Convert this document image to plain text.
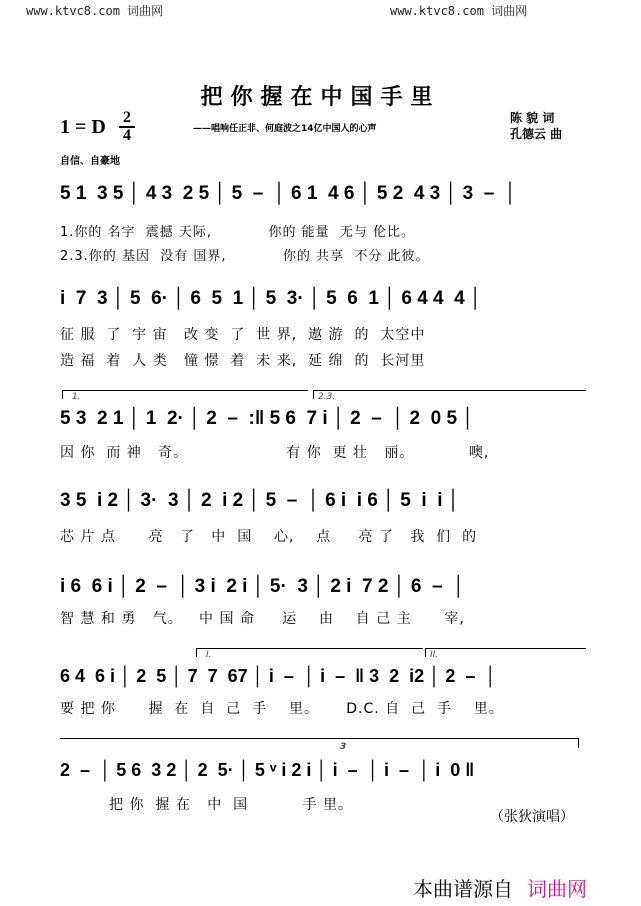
www.ktvc8.com 词曲网	www.ktvc8.com 词曲网
把你握在中国手里
1 = D	2
4	——唱响任正非、何庭波之14亿中国人的心声
陈 貌 词
孔德云 曲
自信、自豪地
5 1  3 5 │ 4 3  2 5 │ 5  –  │ 6 1  4 6 │ 5 2  4 3 │ 3  –  │
1.你的 名字  震撼 天际,           你的 能量  无与 伦比。
2.3.你的 基因  没有 国界,           你的 共享  不分 此彼。
i  7  3 │ 5  6· │ 6  5  1 │ 5  3· │ 5  6  1 │ 6 4 4  4 │
征 服  了  宇 宙   改 变  了  世 界,  遨 游  的  太空中
造 福  着  人 类   憧 憬  着  未 来,  延 绵  的  长河里
1.	2.3.
5 3  2 1 │ 1  2· │ 2  –  :‖ 5 6  7 i │ 2  –  │ 2  0 5 │
因 你  而 神   奇。                  有 你  更 壮   丽。          噢,
3 5  i 2 │ 3·  3 │ 2  i 2 │ 5  –  │ 6 i  i 6 │ 5  i  i │
芯 片 点      亮   了   中  国    心,    点     亮 了   我  们  的
i 6  6 i │ 2  –  │ 3 i  2 i │ 5·  3 │ 2 i  7 2 │ 6  –  │
智 慧 和 勇   气。   中 国 命     运    由    自 己 主      宰,
I.	II.
6 4  6 i │ 2  5 │ 7  7  67 │ i  –  │ i  –  ‖ 3  2  i2 │ 2  –  │
要 把 你      握  在  自  己  手    里。     D.C. 自  己  手    里。
3
2  –  │ 5 6  3 2 │ 2  5· │ 5 ᵛ i 2 i │ i  –  │ i  –  │ i  0 ‖
把 你  握 在   中  国          手 里。
（张狄演唱）
本曲谱源自 词曲网
